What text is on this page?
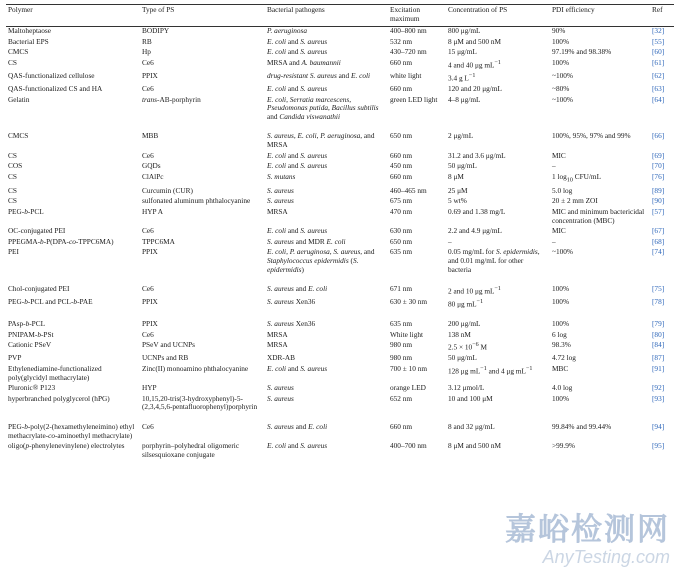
Polymer	Type of PS	Bacterial pathogens	Excitation maximum	Concentration of PS	PDI efficiency	Ref
Maltoheptaose	BODIPY	P. aeruginosa	400–800 nm	800 μg/mL	90%	[32]
Bacterial EPS	RB	E. coli and S. aureus	532 nm	8 μM and 500 nM	100%	[55]
CMCS	Hp	E. coli and S. aureus	430–720 nm	15 μg/mL	97.19% and 98.38%	[60]
CS	Ce6	MRSA and A. baumannii	660 nm	4 and 40 μg $mL^{-1}$	100%	[61]
QAS-functionalized cellulose	PPIX	drug-resistant S. aureus and E. coli	white light	3.4 g $L^{-1}$	~100%	[62]
QAS-functionalized CS and HA	Ce6	E. coli and S. aureus	660 nm	120 and 20 μg/mL	~80%	[63]
Gelatin	trans-AB-porphyrin	E. coli, Serratia marcescens, Pseudomonas putida, Bacillus subtilis and Candida viswanathii	green LED light	4–8 μg/mL	~100%	[64]

CMCS	MBB	S. aureus, E. coli, P. aeruginosa, and MRSA	650 nm	2 μg/mL	100%, 95%, 97% and 99%	[66]
CS	Ce6	E. coli and S. aureus	660 nm	31.2 and 3.6 μg/mL	MIC	[69]
COS	GQDs	E. coli and S. aureus	450 nm	50 μg/mL	–	[70]
CS	ClAlPc	S. mutans	660 nm	8 μM	1 $\log_{10} CFU/mL$	[76]
CS	Curcumin (CUR)	S. aureus	460–465 nm	25 μM	5.0 log	[89]
CS	sulfonated aluminum phthalocyanine	S. aureus	675 nm	5 wt%	20 ± 2 mm ZOI	[90]
PEG-b-PCL	HYP A	MRSA	470 nm	0.69 and 1.38 mg/L	MIC and minimum bactericidal concentration (MBC)	[57]
OC-conjugated PEI	Ce6	E. coli and S. aureus	630 nm	2.2 and 4.9 μg/mL	MIC	[67]
PPEGMA-b-P(DPA-co-TPPC6MA)	TPPC6MA	S. aureus and MDR E. coli	650 nm	–	–	[68]
PEI	PPIX	E. coli, P. aeruginosa, S. aureus, and Staphylococcus epidermidis (S. epidermidis)	635 nm	0.05 mg/mL for S. epidermidis, and 0.01 mg/mL for other bacteria	~100%	[74]

Chol-conjugated PEI	Ce6	S. aureus and E. coli	671 nm	2 and 10 μg $mL^{-1}$	100%	[75]
PEG-b-PCL and PCL-b-PAE	PPIX	S. aureus Xen36	630 ± 30 nm	80 μg $mL^{-1}$	100%	[78]

PAsp-b-PCL	PPIX	S. aureus Xen36	635 nm	200 μg/mL	100%	[79]
PNIPAM-b-PSt	Ce6	MRSA	White light	138 nM	6 log	[80]
Cationic PSeV	PSeV and UCNPs	MRSA	980 nm	$2.5 \times 10^{-6}$ M	98.3%	[84]
PVP	UCNPs and RB	XDR-AB	980 nm	50 μg/mL	4.72 log	[87]
Ethylenediamine-functionalized poly(glycidyl methacrylate)	Zinc(II) monoamino phthalocyanine	E. coli and S. aureus	700 ± 10 nm	128 μg $mL^{-1}$ and 4 μg $mL^{-1}$	MBC	[91]
Pluronic® P123	HYP	S. aureus	orange LED	3.12 μmol/L	4.0 log	[92]
hyperbranched polyglycerol (hPG)	10,15,20-tris(3-hydroxyphenyl)-5-(2,3,4,5,6-pentafluorophenyl)porphyrin	S. aureus	652 nm	10 and 100 μM	100%	[93]

PEG-b-poly(2-(hexamethyleneimino) ethyl methacrylate-co-aminoethyl methacrylate)	Ce6	S. aureus and E. coli	660 nm	8 and 32 μg/mL	99.84% and 99.44%	[94]
oligo(p-phenylenevinylene) electrolytes	porphyrin–polyhedral oligomeric silsesquioxane conjugate	E. coli and S. aureus	400–700 nm	8 μM and 500 nM	>99.9%	[95]
嘉峪检测网
AnyTesting.com
